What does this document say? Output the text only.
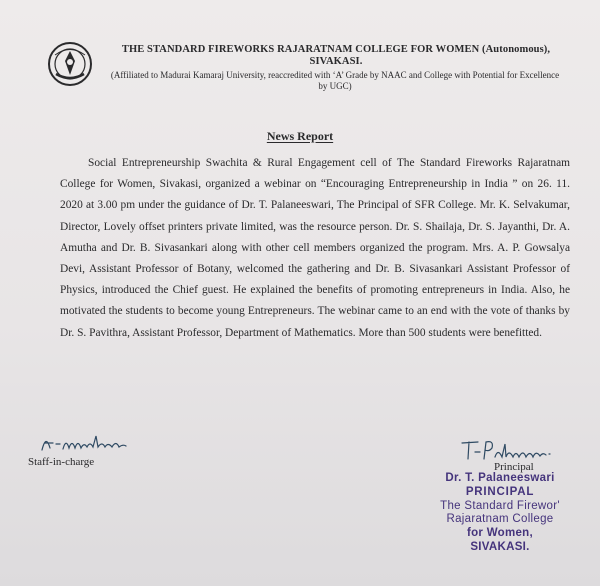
THE STANDARD FIREWORKS RAJARATNAM COLLEGE FOR WOMEN (Autonomous),
SIVAKASI.
(Affiliated to Madurai Kamaraj University, reaccredited with ‘A’ Grade by NAAC and College with Potential for Excellence by UGC)
News Report
Social Entrepreneurship Swachita & Rural Engagement cell of The Standard Fireworks Rajaratnam College for Women, Sivakasi, organized a webinar on “Encouraging Entrepreneurship in India ” on 26. 11. 2020 at 3.00 pm under the guidance of Dr. T. Palaneeswari, The Principal of SFR College. Mr. K. Selvakumar, Director, Lovely offset printers private limited, was the resource person. Dr. S. Shailaja, Dr. S. Jayanthi, Dr. A. Amutha and Dr. B. Sivasankari along with other cell members organized the program. Mrs. A. P. Gowsalya Devi, Assistant Professor of Botany, welcomed the gathering and Dr. B. Sivasankari Assistant Professor of Physics, introduced the Chief guest. He explained the benefits of promoting entrepreneurs in India. Also, he motivated the students to become young Entrepreneurs. The webinar came to an end with the vote of thanks by Dr. S. Pavithra, Assistant Professor, Department of Mathematics. More than 500 students were benefitted.
Staff-in-charge	Principal
Dr. T. Palaneeswari
PRINCIPAL
The Standard Firewor'
Rajaratnam College
for Women,
SIVAKASI.
